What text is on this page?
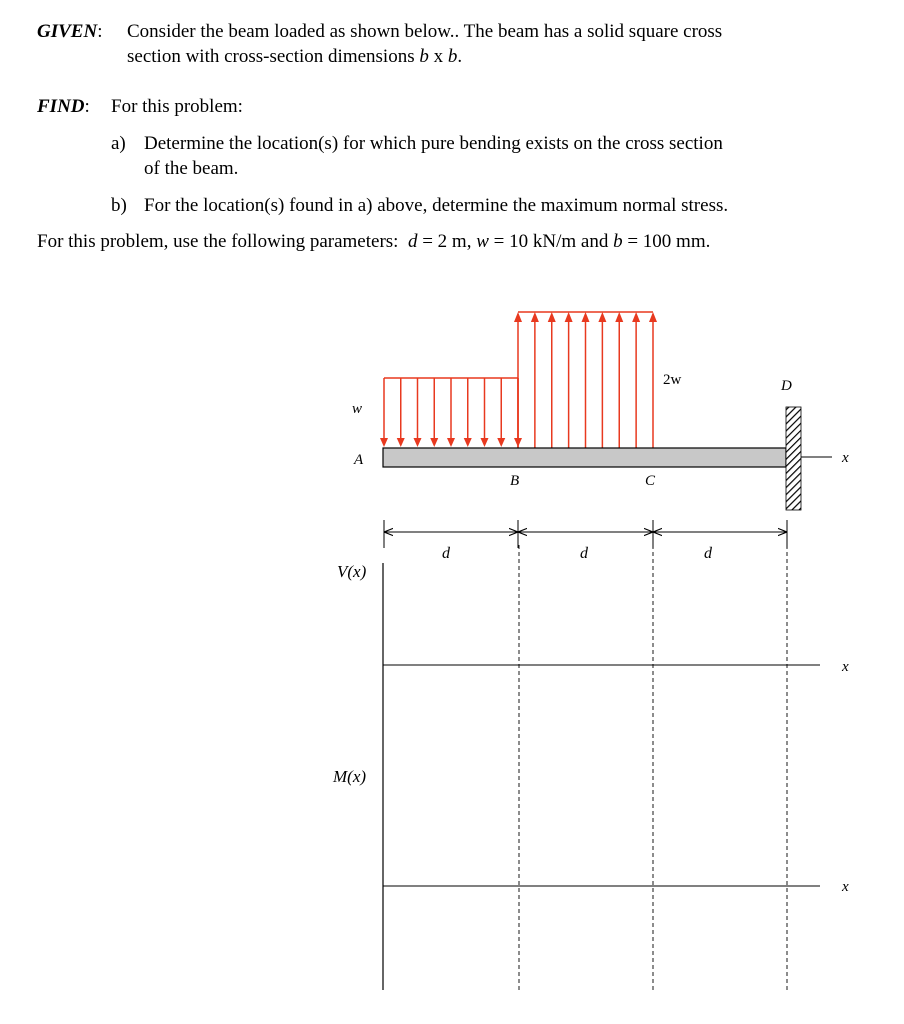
GIVEN: Consider the beam loaded as shown below.. The beam has a solid square cross
section with cross-section dimensions b x b.
FIND: For this problem:
a) Determine the location(s) for which pure bending exists on the cross section
of the beam.
b) For the location(s) found in a) above, determine the maximum normal stress.
For this problem, use the following parameters:  d = 2 m, w = 10 kN/m and b = 100 mm.
w
2w
A
B	C
D
x
d	d	d
V(x)
x
M(x)
x
